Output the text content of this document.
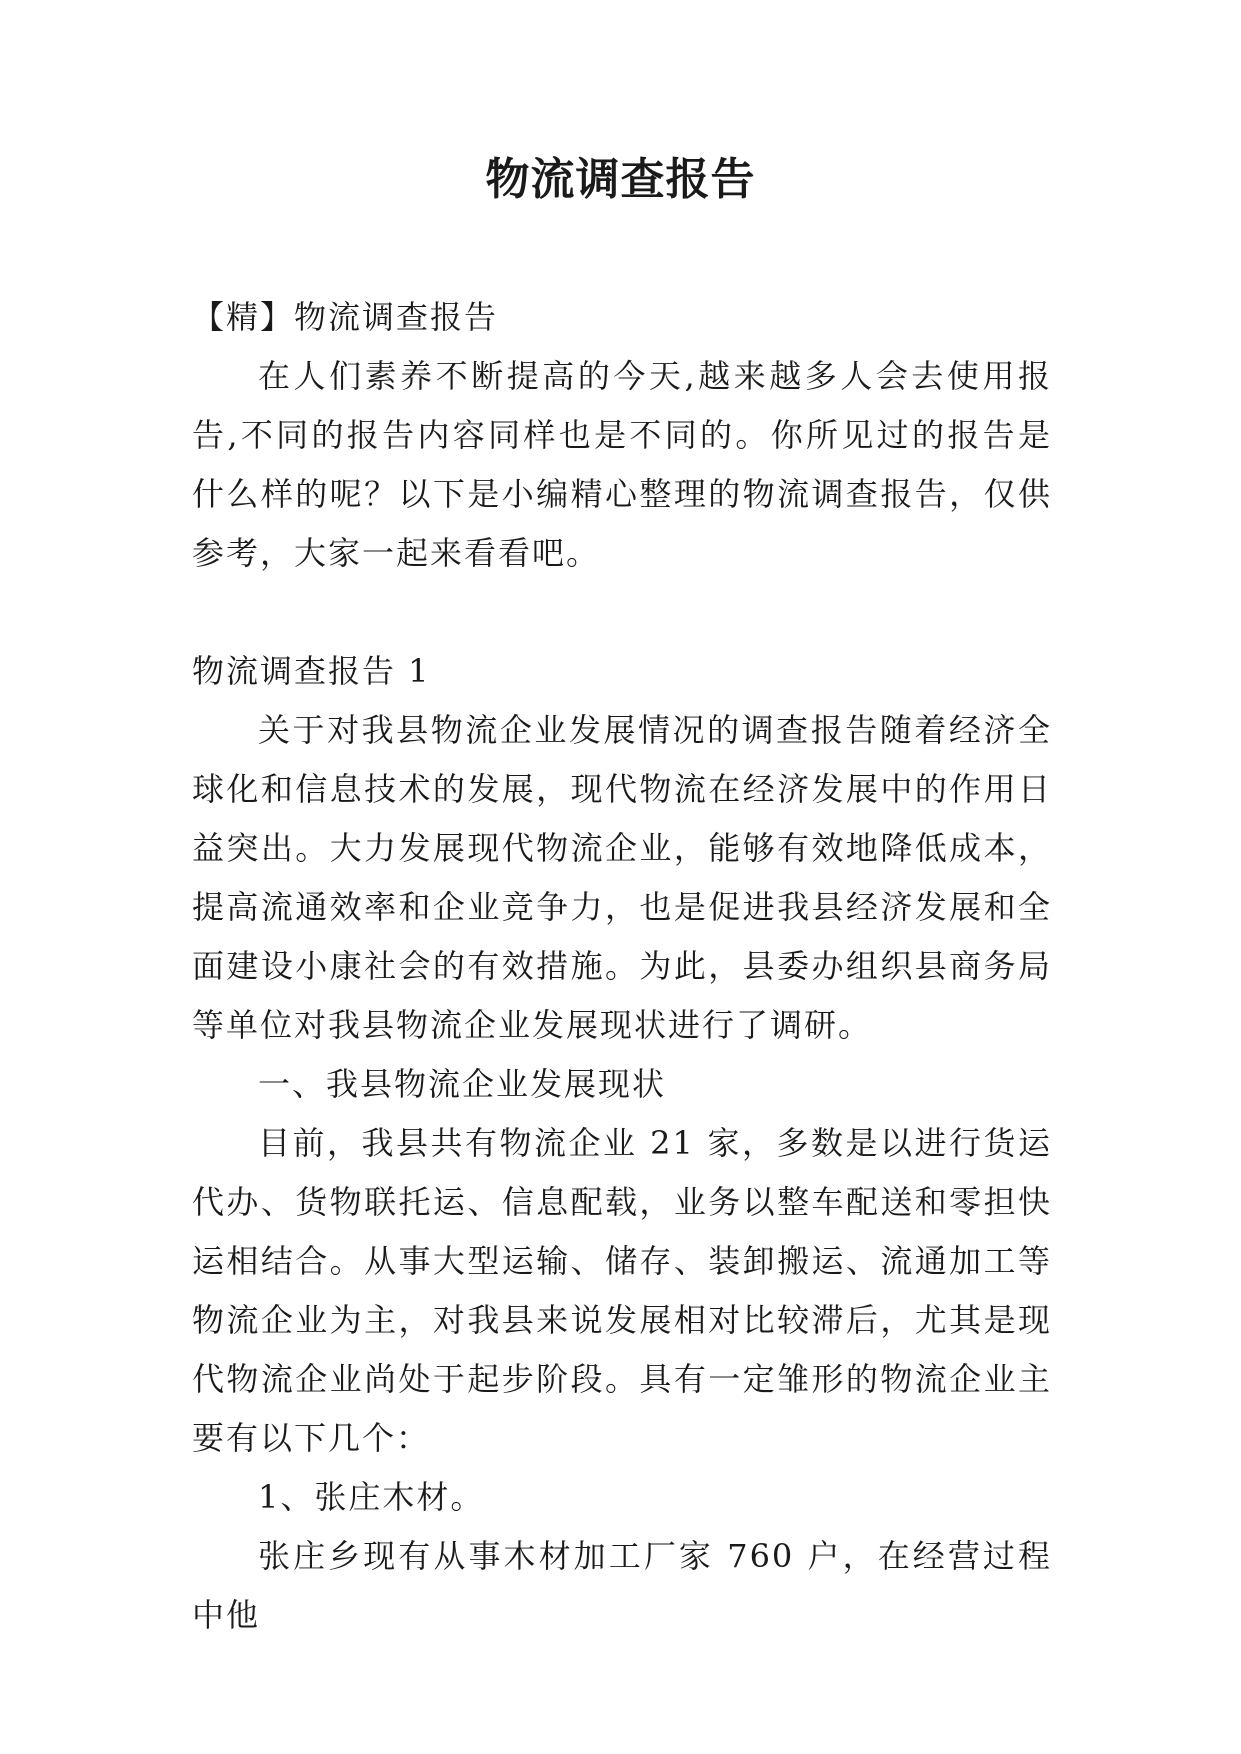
物流调查报告

【精】物流调查报告

在人们素养不断提高的今天,越来越多人会去使用报告,不同的报告内容同样也是不同的。你所见过的报告是什么样的呢？以下是小编精心整理的物流调查报告，仅供参考，大家一起来看看吧。

物流调查报告 1

关于对我县物流企业发展情况的调查报告随着经济全球化和信息技术的发展，现代物流在经济发展中的作用日益突出。大力发展现代物流企业，能够有效地降低成本，提高流通效率和企业竞争力，也是促进我县经济发展和全面建设小康社会的有效措施。为此，县委办组织县商务局等单位对我县物流企业发展现状进行了调研。

一、我县物流企业发展现状

目前，我县共有物流企业 21 家，多数是以进行货运代办、货物联托运、信息配载，业务以整车配送和零担快运相结合。从事大型运输、储存、装卸搬运、流通加工等物流企业为主，对我县来说发展相对比较滞后，尤其是现代物流企业尚处于起步阶段。具有一定雏形的物流企业主要有以下几个：

1、张庄木材。

张庄乡现有从事木材加工厂家 760 户，在经营过程中他
